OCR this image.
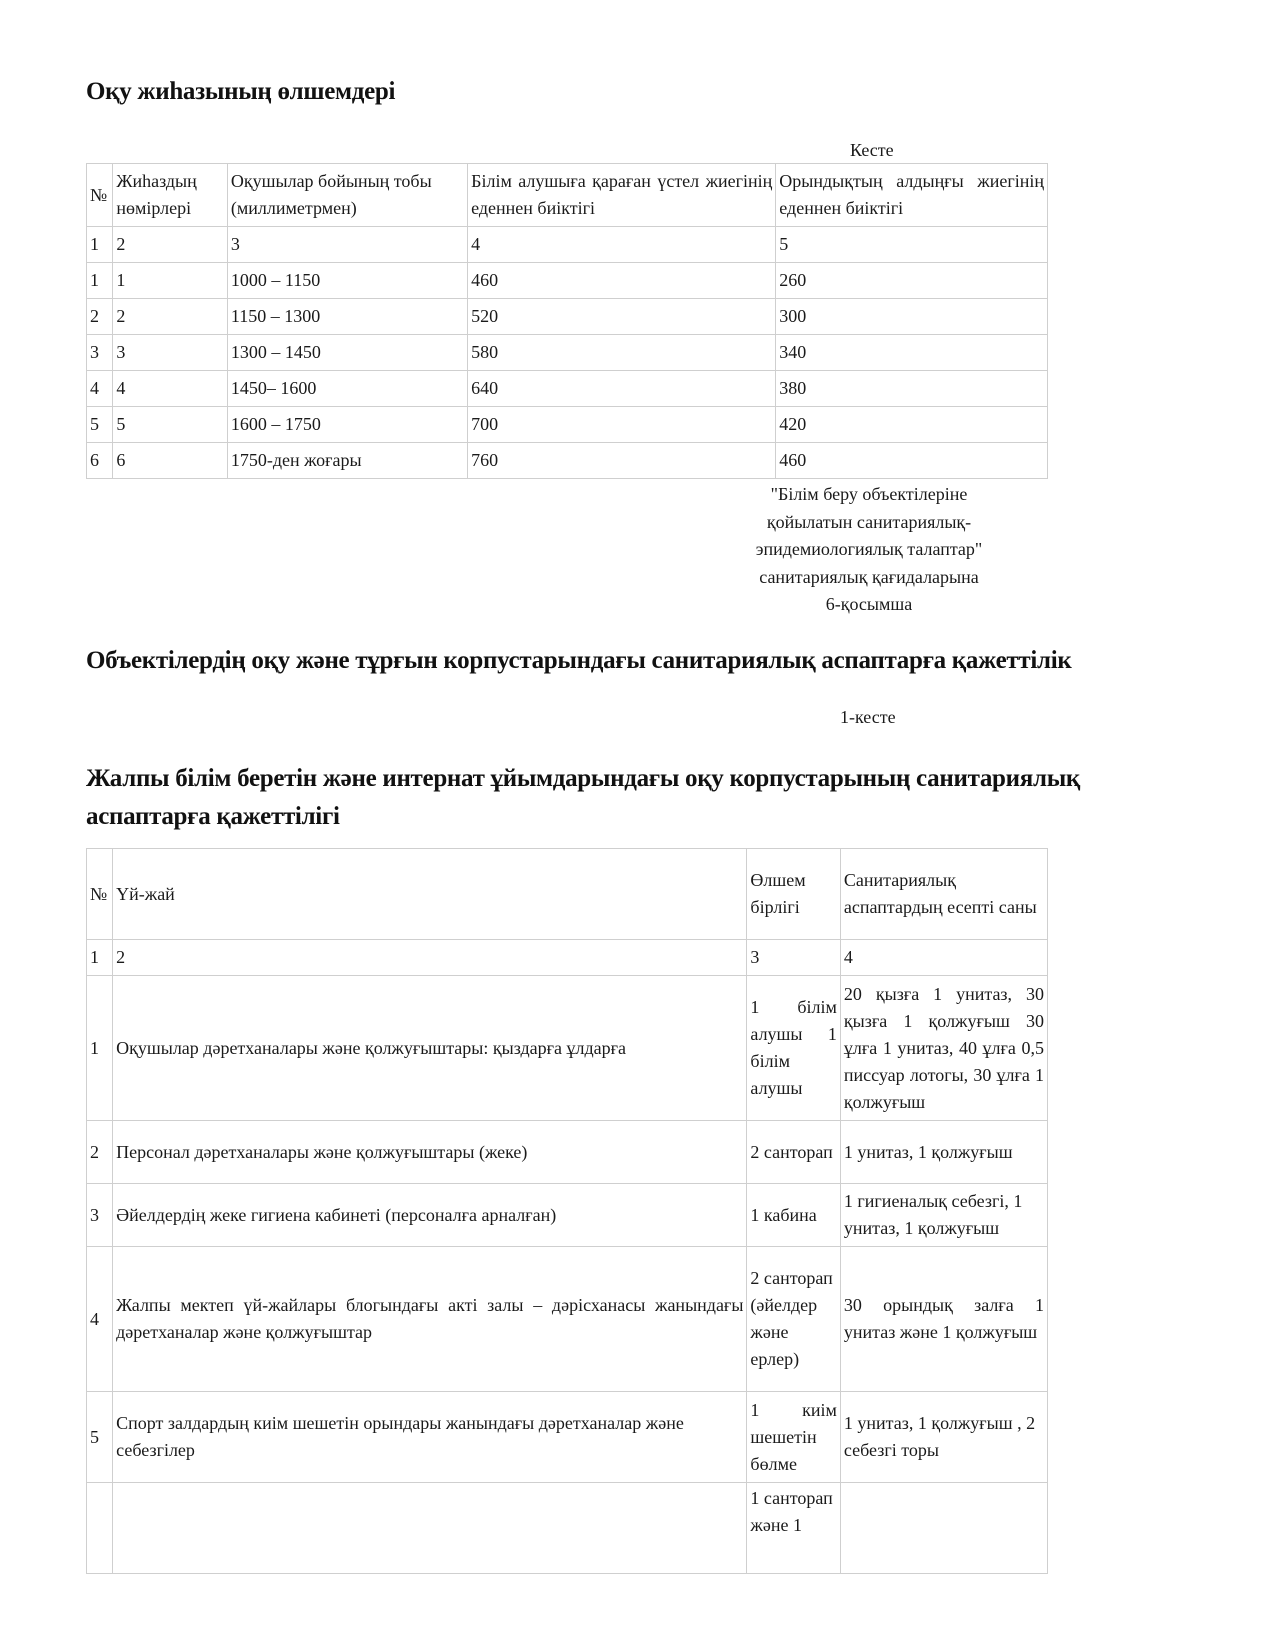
Оқу жиһазының өлшемдері
Кесте
№	Жиһаздың нөмірлері	Оқушылар бойының тобы (миллиметрмен)	Білім алушыға қараған үстел жиегінің еденнен биіктігі	Орындықтың алдыңғы жиегінің еденнен биіктігі
1	2	3	4	5
1	1	1000 – 1150	460	260
2	2	1150 – 1300	520	300
3	3	1300 – 1450	580	340
4	4	1450– 1600	640	380
5	5	1600 – 1750	700	420
6	6	1750-ден жоғары	760	460
"Білім беру объектілеріне
қойылатын санитариялық-
эпидемиологиялық талаптар"
санитариялық қағидаларына
6-қосымша
Объектілердің оқу және тұрғын корпустарындағы санитариялық аспаптарға қажеттілік
1-кесте
Жалпы білім беретін және интернат ұйымдарындағы оқу корпустарының санитариялық аспаптарға қажеттілігі
№	Үй-жай	Өлшем бірлігі	Санитариялық аспаптардың есепті саны
1	2	3	4
1	Оқушылар дәретханалары және қолжуғыштары: қыздарға ұлдарға	1 білім алушы 1 білім алушы	20 қызға 1 унитаз, 30 қызға 1 қолжуғыш 30 ұлға 1 унитаз, 40 ұлға 0,5 писсуар лотогы, 30 ұлға 1 қолжуғыш
2	Персонал дәретханалары және қолжуғыштары (жеке)	2 санторап	1 унитаз, 1 қолжуғыш
3	Әйелдердің жеке гигиена кабинеті (персоналға арналған)	1 кабина	1 гигиеналық себезгі, 1 унитаз, 1 қолжуғыш
4	Жалпы мектеп үй-жайлары блогындағы акті залы – дәрісханасы жанындағы дәретханалар және қолжуғыштар	2 санторап (әйелдер және ерлер)	30 орындық залға 1 унитаз және 1 қолжуғыш
5	Спорт залдардың киім шешетін орындары жанындағы дәретханалар және себезгілер	1 киім шешетін бөлме	1 унитаз, 1 қолжуғыш , 2 себезгі торы
		1 санторап және 1	
